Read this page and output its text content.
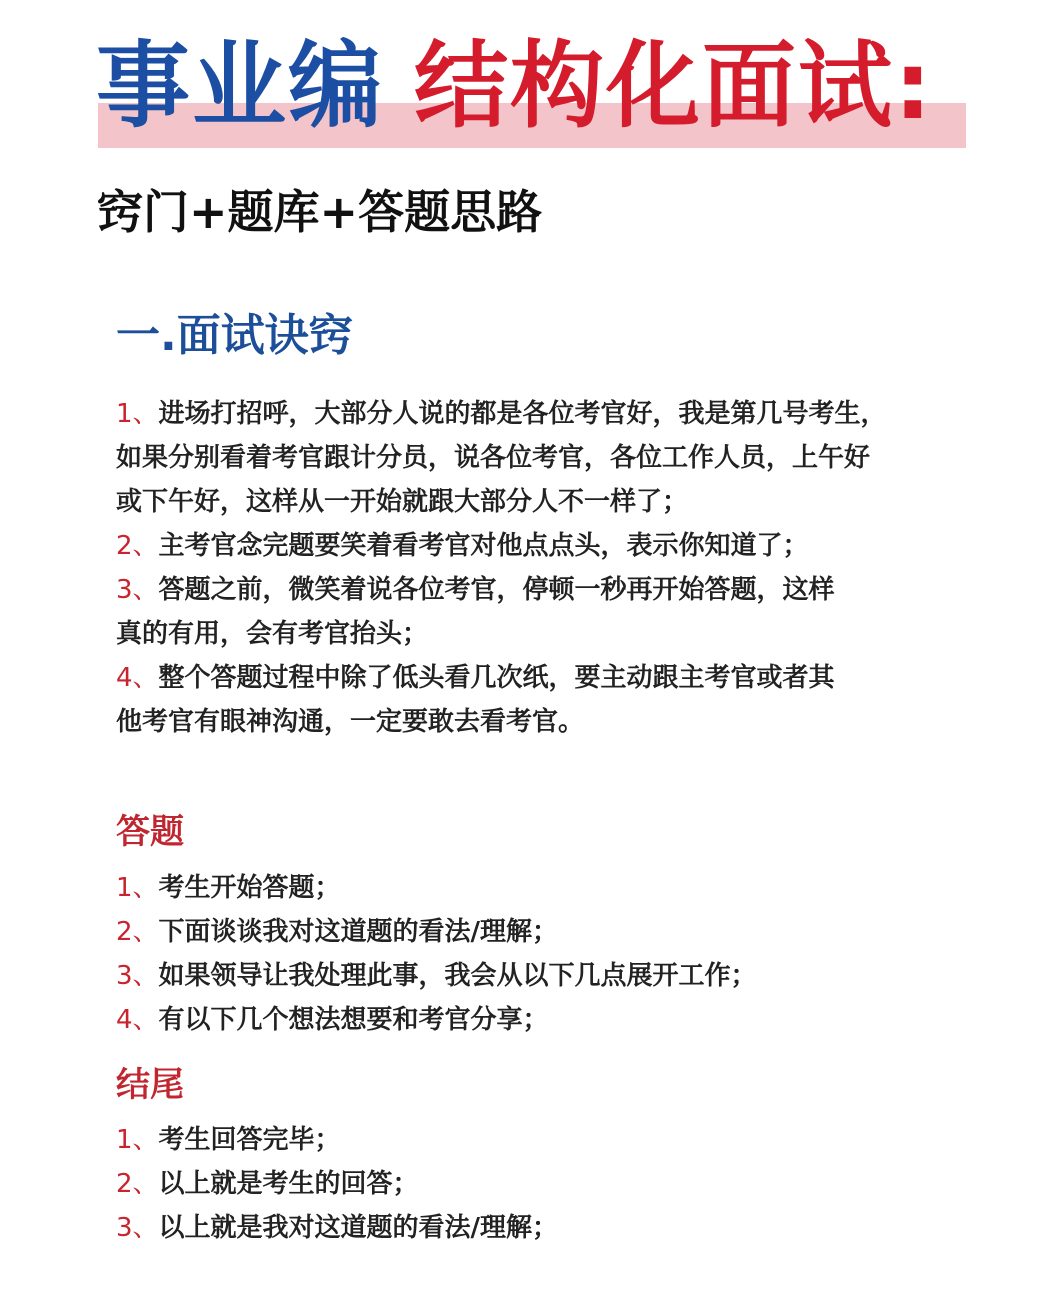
事业编 结构化面试:
窍门+题库+答题思路
一.面试诀窍
1、进场打招呼，大部分人说的都是各位考官好，我是第几号考生，
如果分别看着考官跟计分员，说各位考官，各位工作人员，上午好
或下午好，这样从一开始就跟大部分人不一样了；
2、主考官念完题要笑着看考官对他点点头，表示你知道了；
3、答题之前，微笑着说各位考官，停顿一秒再开始答题，这样
真的有用，会有考官抬头；
4、整个答题过程中除了低头看几次纸，要主动跟主考官或者其
他考官有眼神沟通，一定要敢去看考官。
答题
1、考生开始答题；
2、下面谈谈我对这道题的看法/理解；
3、如果领导让我处理此事，我会从以下几点展开工作；
4、有以下几个想法想要和考官分享；
结尾
1、考生回答完毕；
2、以上就是考生的回答；
3、以上就是我对这道题的看法/理解；
